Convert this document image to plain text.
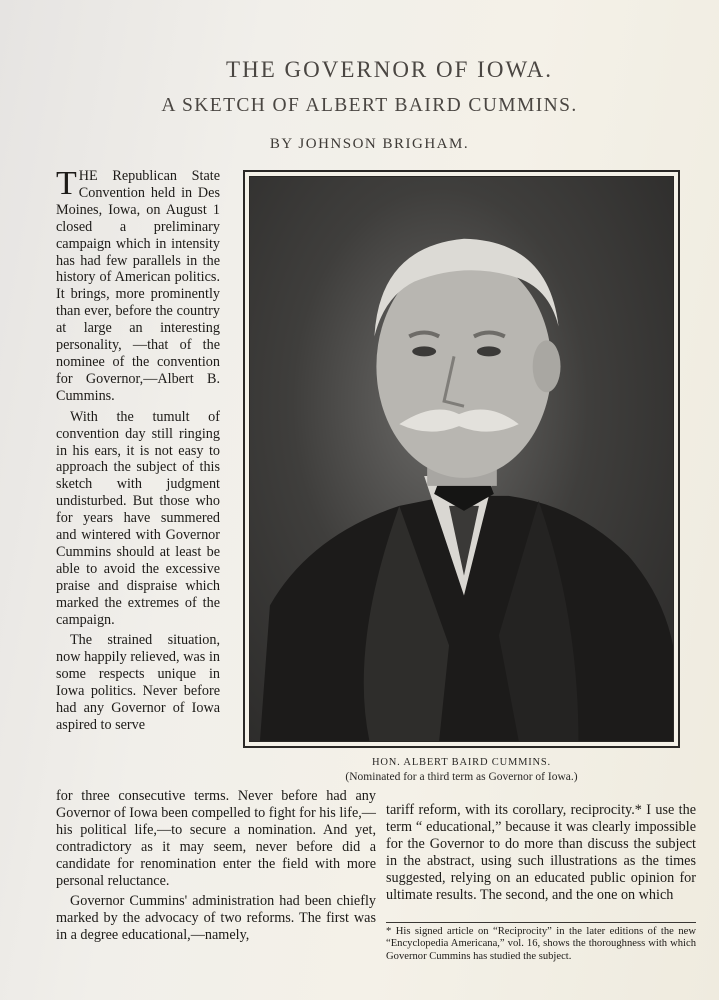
THE GOVERNOR OF IOWA.
A SKETCH OF ALBERT BAIRD CUMMINS.
BY JOHNSON BRIGHAM.

THE Republican State Convention held in Des Moines, Iowa, on August 1 closed a preliminary campaign which in intensity has had few parallels in the history of American politics. It brings, more prominently than ever, before the country at large an interesting personality, —that of the nominee of the convention for Governor,—Albert B. Cummins.

With the tumult of convention day still ringing in his ears, it is not easy to approach the subject of this sketch with judgment undisturbed. But those who for years have summered and wintered with Governor Cummins should at least be able to avoid the excessive praise and dispraise which marked the extremes of the campaign.

The strained situation, now happily relieved, was in some respects unique in Iowa politics. Never before had any Governor of Iowa aspired to serve

HON. ALBERT BAIRD CUMMINS.
(Nominated for a third term as Governor of Iowa.)

for three consecutive terms. Never before had any Governor of Iowa been compelled to fight for his life,—his political life,—to secure a nomination. And yet, contradictory as it may seem, never before did a candidate for renomination enter the field with more personal reluctance.

Governor Cummins' administration had been chiefly marked by the advocacy of two reforms. The first was in a degree educational,—namely,

tariff reform, with its corollary, reciprocity.* I use the term “ educational,” because it was clearly impossible for the Governor to do more than discuss the subject in the abstract, using such illustrations as the times suggested, relying on an educated public opinion for ultimate results. The second, and the one on which

* His signed article on “Reciprocity” in the later editions of the new “Encyclopedia Americana,” vol. 16, shows the thoroughness with which Governor Cummins has studied the subject.
